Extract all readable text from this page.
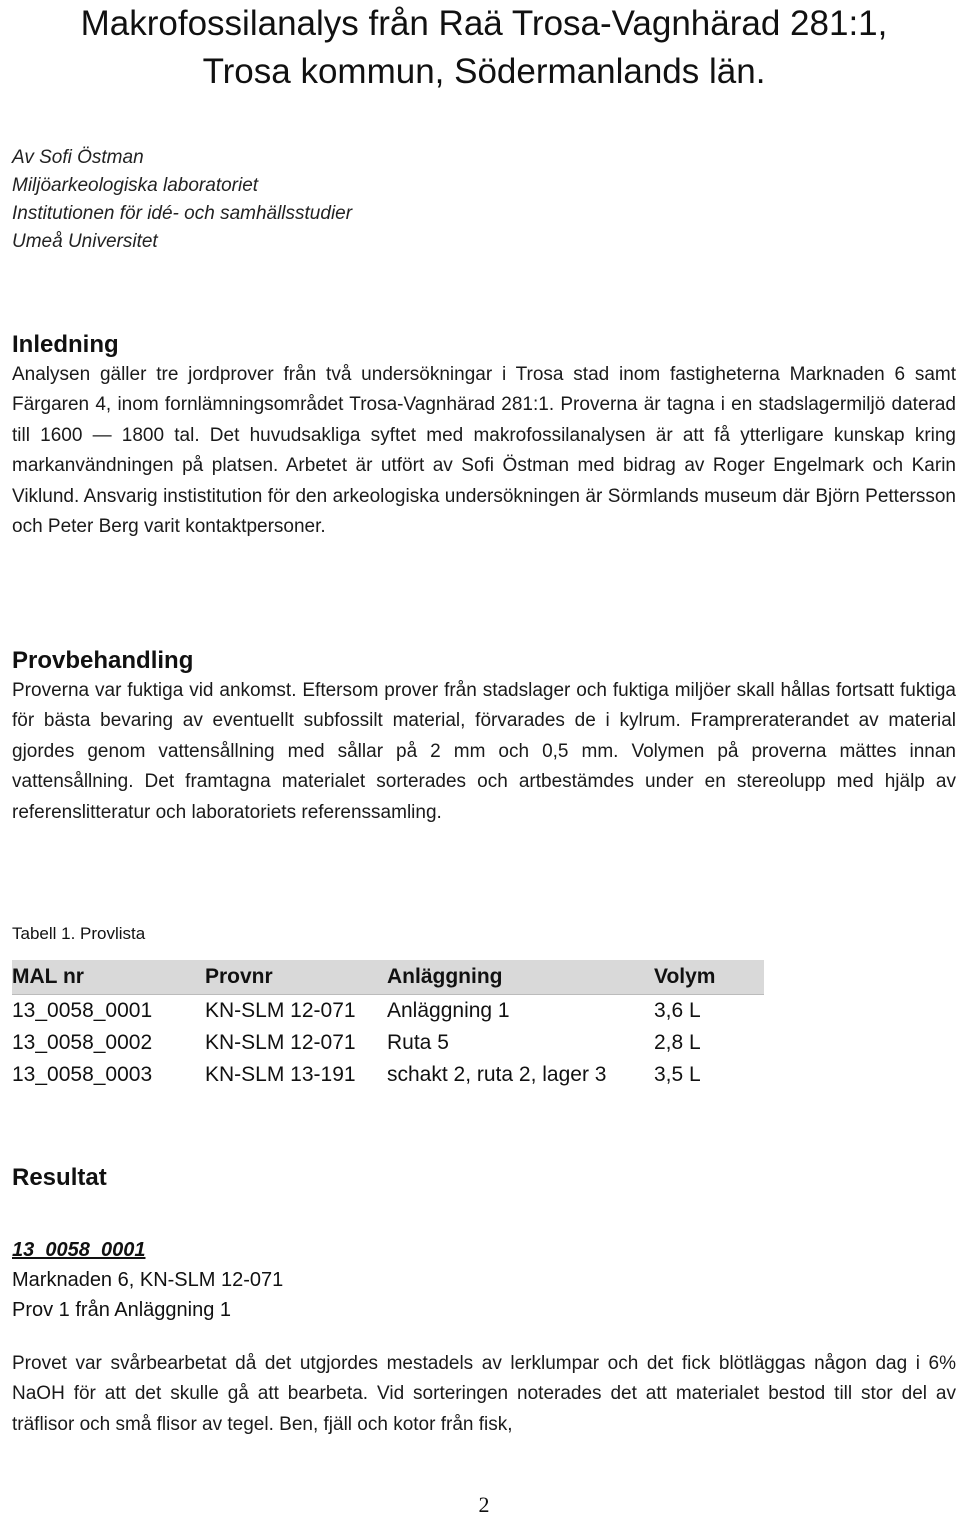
Makrofossilanalys från Raä Trosa-Vagnhärad 281:1,
Trosa kommun, Södermanlands län.
Av Sofi Östman
Miljöarkeologiska laboratoriet
Institutionen för idé- och samhällsstudier
Umeå Universitet
Inledning

Analysen gäller tre jordprover från två undersökningar i Trosa stad inom fastigheterna Marknaden 6 samt Färgaren 4, inom fornlämningsområdet Trosa-Vagnhärad 281:1. Proverna är tagna i en stadslagermiljö daterad till 1600 — 1800 tal. Det huvudsakliga syftet med makrofossilanalysen är att få ytterligare kunskap kring markanvändningen på platsen. Arbetet är utfört av Sofi Östman med bidrag av Roger Engelmark och Karin Viklund. Ansvarig instistitution för den arkeologiska undersökningen är Sörmlands museum där Björn Pettersson och Peter Berg varit kontaktpersoner.

Provbehandling

Proverna var fuktiga vid ankomst. Eftersom prover från stadslager och fuktiga miljöer skall hållas fortsatt fuktiga för bästa bevaring av eventuellt subfossilt material, förvarades de i kylrum. Frampreraterandet av material gjordes genom vattensållning med sållar på 2 mm och 0,5 mm. Volymen på proverna mättes innan vattensållning. Det framtagna materialet sorterades och artbestämdes under en stereolupp med hjälp av referenslitteratur och laboratoriets referenssamling.

Tabell 1. Provlista
MAL nr	Provnr	Anläggning	Volym
13_0058_0001	KN-SLM 12-071	Anläggning 1	3,6 L
13_0058_0002	KN-SLM 12-071	Ruta 5	2,8 L
13_0058_0003	KN-SLM 13-191	schakt 2, ruta 2, lager 3	3,5 L
Resultat
13_0058_0001
Marknaden 6, KN-SLM 12-071
Prov 1 från Anläggning 1

Provet var svårbearbetat då det utgjordes mestadels av lerklumpar och det fick blötläggas någon dag i 6% NaOH för att det skulle gå att bearbeta. Vid sorteringen noterades det att materialet bestod till stor del av träflisor och små flisor av tegel. Ben, fjäll och kotor från fisk,

2
